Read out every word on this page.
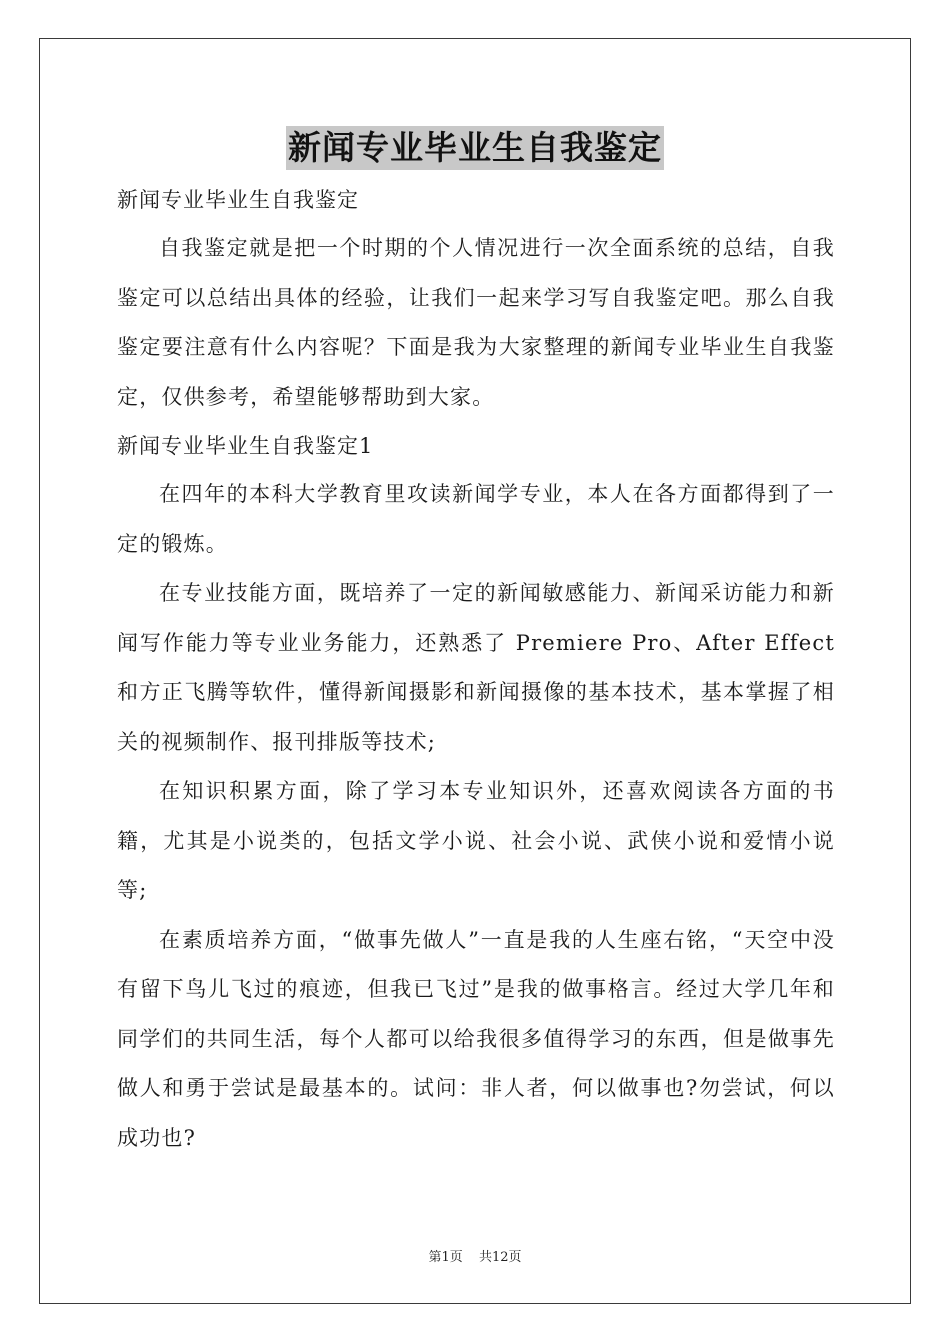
新闻专业毕业生自我鉴定

新闻专业毕业生自我鉴定

自我鉴定就是把一个时期的个人情况进行一次全面系统的总结，自我鉴定可以总结出具体的经验，让我们一起来学习写自我鉴定吧。那么自我鉴定要注意有什么内容呢？下面是我为大家整理的新闻专业毕业生自我鉴定，仅供参考，希望能够帮助到大家。

新闻专业毕业生自我鉴定1

在四年的本科大学教育里攻读新闻学专业，本人在各方面都得到了一定的锻炼。

在专业技能方面，既培养了一定的新闻敏感能力、新闻采访能力和新闻写作能力等专业业务能力，还熟悉了 Premiere Pro、After Effect和方正飞腾等软件，懂得新闻摄影和新闻摄像的基本技术，基本掌握了相关的视频制作、报刊排版等技术;

在知识积累方面，除了学习本专业知识外，还喜欢阅读各方面的书籍，尤其是小说类的，包括文学小说、社会小说、武侠小说和爱情小说等;

在素质培养方面，“做事先做人”一直是我的人生座右铭，“天空中没有留下鸟儿飞过的痕迹，但我已飞过”是我的做事格言。经过大学几年和同学们的共同生活，每个人都可以给我很多值得学习的东西，但是做事先做人和勇于尝试是最基本的。试问：非人者，何以做事也?勿尝试，何以成功也?

第1页 共12页
